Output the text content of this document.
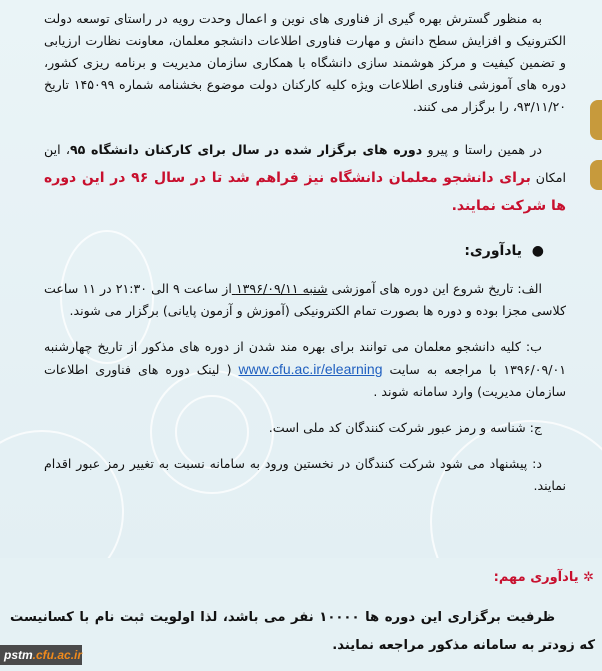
به منظور گسترش بهره گیری از فناوری های نوین و اعمال وحدت رویه در راستای توسعه دولت الکترونیک و افزایش سطح دانش و مهارت فناوری اطلاعات دانشجو معلمان، معاونت نظارت ارزیابی و تضمین کیفیت و مرکز هوشمند سازی دانشگاه با همکاری سازمان مدیریت و برنامه ریزی کشور، دوره های آموزشی فناوری اطلاعات ویژه کلیه کارکنان دولت موضوع بخشنامه شماره ۱۴۵۰۹۹ تاریخ ۹۳/۱۱/۲۰، را برگزار می کنند.

در همین راستا و پیرو دوره های برگزار شده در سال برای کارکنان دانشگاه ۹۵، این امکان برای دانشجو معلمان دانشگاه نیز فراهم شد تا در سال ۹۶ در این دوره ها شرکت نمایند.

●  یادآوری:

الف: تاریخ شروع این دوره های آموزشی شنبه ۱۳۹۶/۰۹/۱۱ از ساعت ۹ الی ۲۱:۳۰ در ۱۱ ساعت کلاسی مجزا بوده و دوره ها بصورت تمام الکترونیکی (آموزش و آزمون پایانی) برگزار می شوند.

ب: کلیه دانشجو معلمان می توانند برای بهره مند شدن از دوره های مذکور از تاریخ چهارشنبه ۱۳۹۶/۰۹/۰۱ با مراجعه به سایت www.cfu.ac.ir/elearning ( لینک دوره های فناوری اطلاعات سازمان مدیریت) وارد سامانه شوند .

ج: شناسه و رمز عبور شرکت کنندگان کد ملی است.

د: پیشنهاد می شود شرکت کنندگان در نخستین ورود به سامانه نسبت به تغییر رمز عبور اقدام نمایند.

✲ یادآوری مهم:
ظرفیت برگزاری این دوره ها ۱۰۰۰۰ نفر می باشد، لذا اولویت ثبت نام با کسانیست که زودتر به سامانه مذکور مراجعه نمایند.
pstm.cfu.ac.ir
